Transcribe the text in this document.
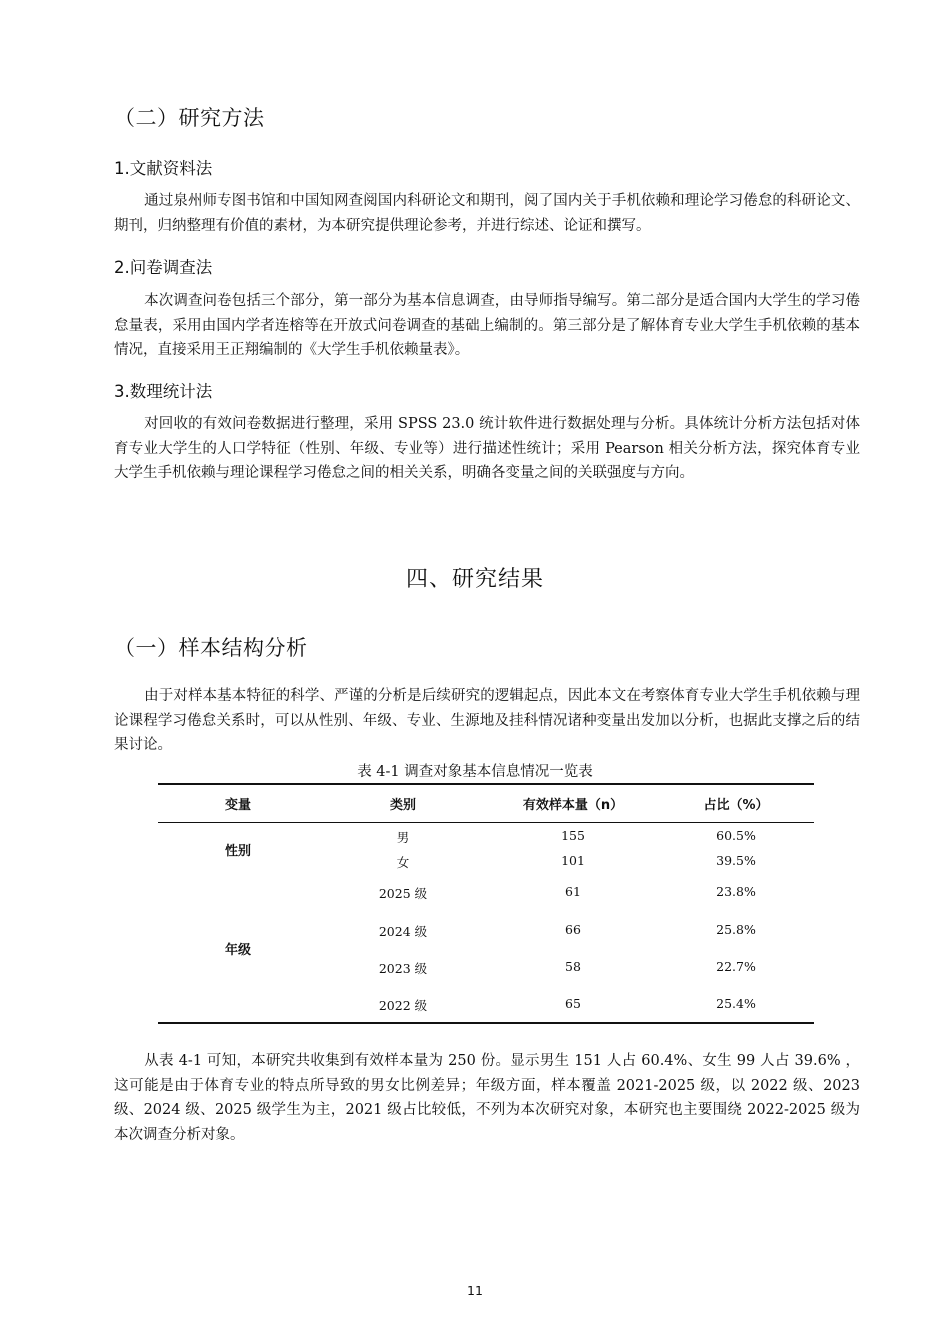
（二）研究方法
1.文献资料法

通过泉州师专图书馆和中国知网查阅国内科研论文和期刊，阅了国内关于手机依赖和理论学习倦怠的科研论文、期刊，归纳整理有价值的素材，为本研究提供理论参考，并进行综述、论证和撰写。

2.问卷调查法

本次调查问卷包括三个部分，第一部分为基本信息调查，由导师指导编写。第二部分是适合国内大学生的学习倦怠量表，采用由国内学者连榕等在开放式问卷调查的基础上编制的。第三部分是了解体育专业大学生手机依赖的基本情况，直接采用王正翔编制的《大学生手机依赖量表》。

3.数理统计法

对回收的有效问卷数据进行整理，采用 SPSS 23.0 统计软件进行数据处理与分析。具体统计分析方法包括对体育专业大学生的人口学特征（性别、年级、专业等）进行描述性统计；采用 Pearson 相关分析方法，探究体育专业大学生手机依赖与理论课程学习倦怠之间的相关关系，明确各变量之间的关联强度与方向。

四、研究结果
（一）样本结构分析

由于对样本基本特征的科学、严谨的分析是后续研究的逻辑起点，因此本文在考察体育专业大学生手机依赖与理论课程学习倦怠关系时，可以从性别、年级、专业、生源地及挂科情况诸种变量出发加以分析，也据此支撑之后的结果讨论。

表 4-1 调查对象基本信息情况一览表
变量	类别	有效样本量（n）	占比（%）
性别
男	155	60.5%
女	101	39.5%
年级
2025 级	61	23.8%
2024 级	66	25.8%
2023 级	58	22.7%
2022 级	65	25.4%

从表 4-1 可知，本研究共收集到有效样本量为 250 份。显示男生 151 人占 60.4%、女生 99 人占 39.6% ，这可能是由于体育专业的特点所导致的男女比例差异；年级方面，样本覆盖 2021-2025 级，以 2022 级、2023 级、2024 级、2025 级学生为主，2021 级占比较低，不列为本次研究对象，本研究也主要围绕 2022-2025 级为本次调查分析对象。

11
